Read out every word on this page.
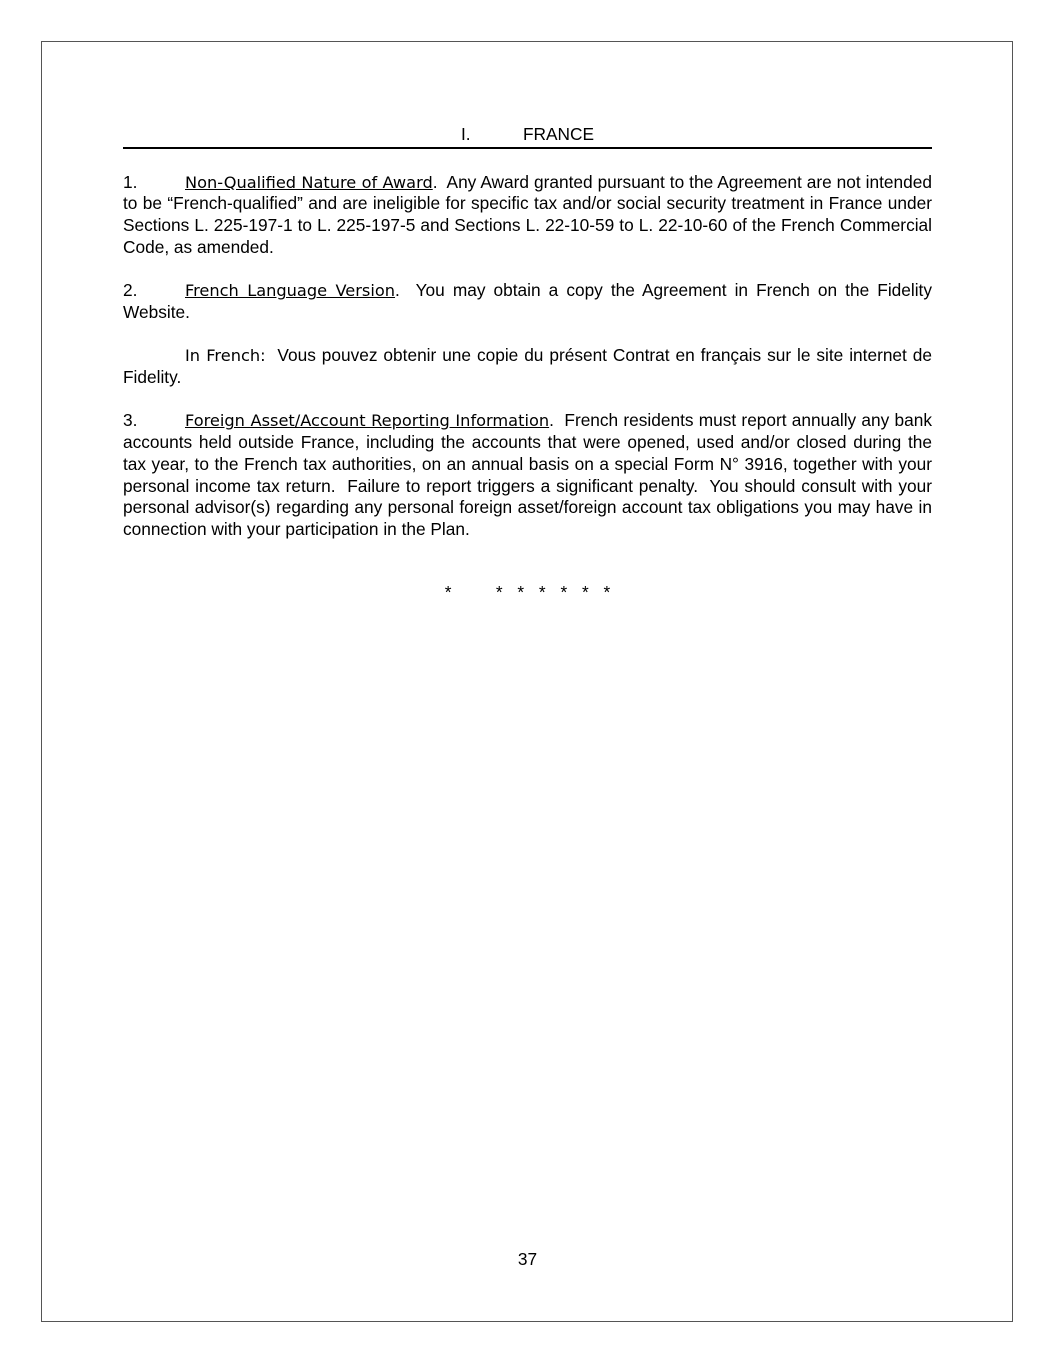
I.	FRANCE

1.	Non-Qualified Nature of Award.  Any Award granted pursuant to the Agreement are not intended to be “French-qualified” and are ineligible for specific tax and/or social security treatment in France under Sections L. 225-197-1 to L. 225-197-5 and Sections L. 22-10-59 to L. 22-10-60 of the French Commercial Code, as amended.

2.	French Language Version.  You may obtain a copy the Agreement in French on the Fidelity Website.

In French:  Vous pouvez obtenir une copie du présent Contrat en français sur le site internet de Fidelity.

3.	Foreign Asset/Account Reporting Information.  French residents must report annually any bank accounts held outside France, including the accounts that were opened, used and/or closed during the tax year, to the French tax authorities, on an annual basis on a special Form N° 3916, together with your personal income tax return.  Failure to report triggers a significant penalty.  You should consult with your personal advisor(s) regarding any personal foreign asset/foreign account tax obligations you may have in connection with your participation in the Plan.

*   * * * * * *
37
